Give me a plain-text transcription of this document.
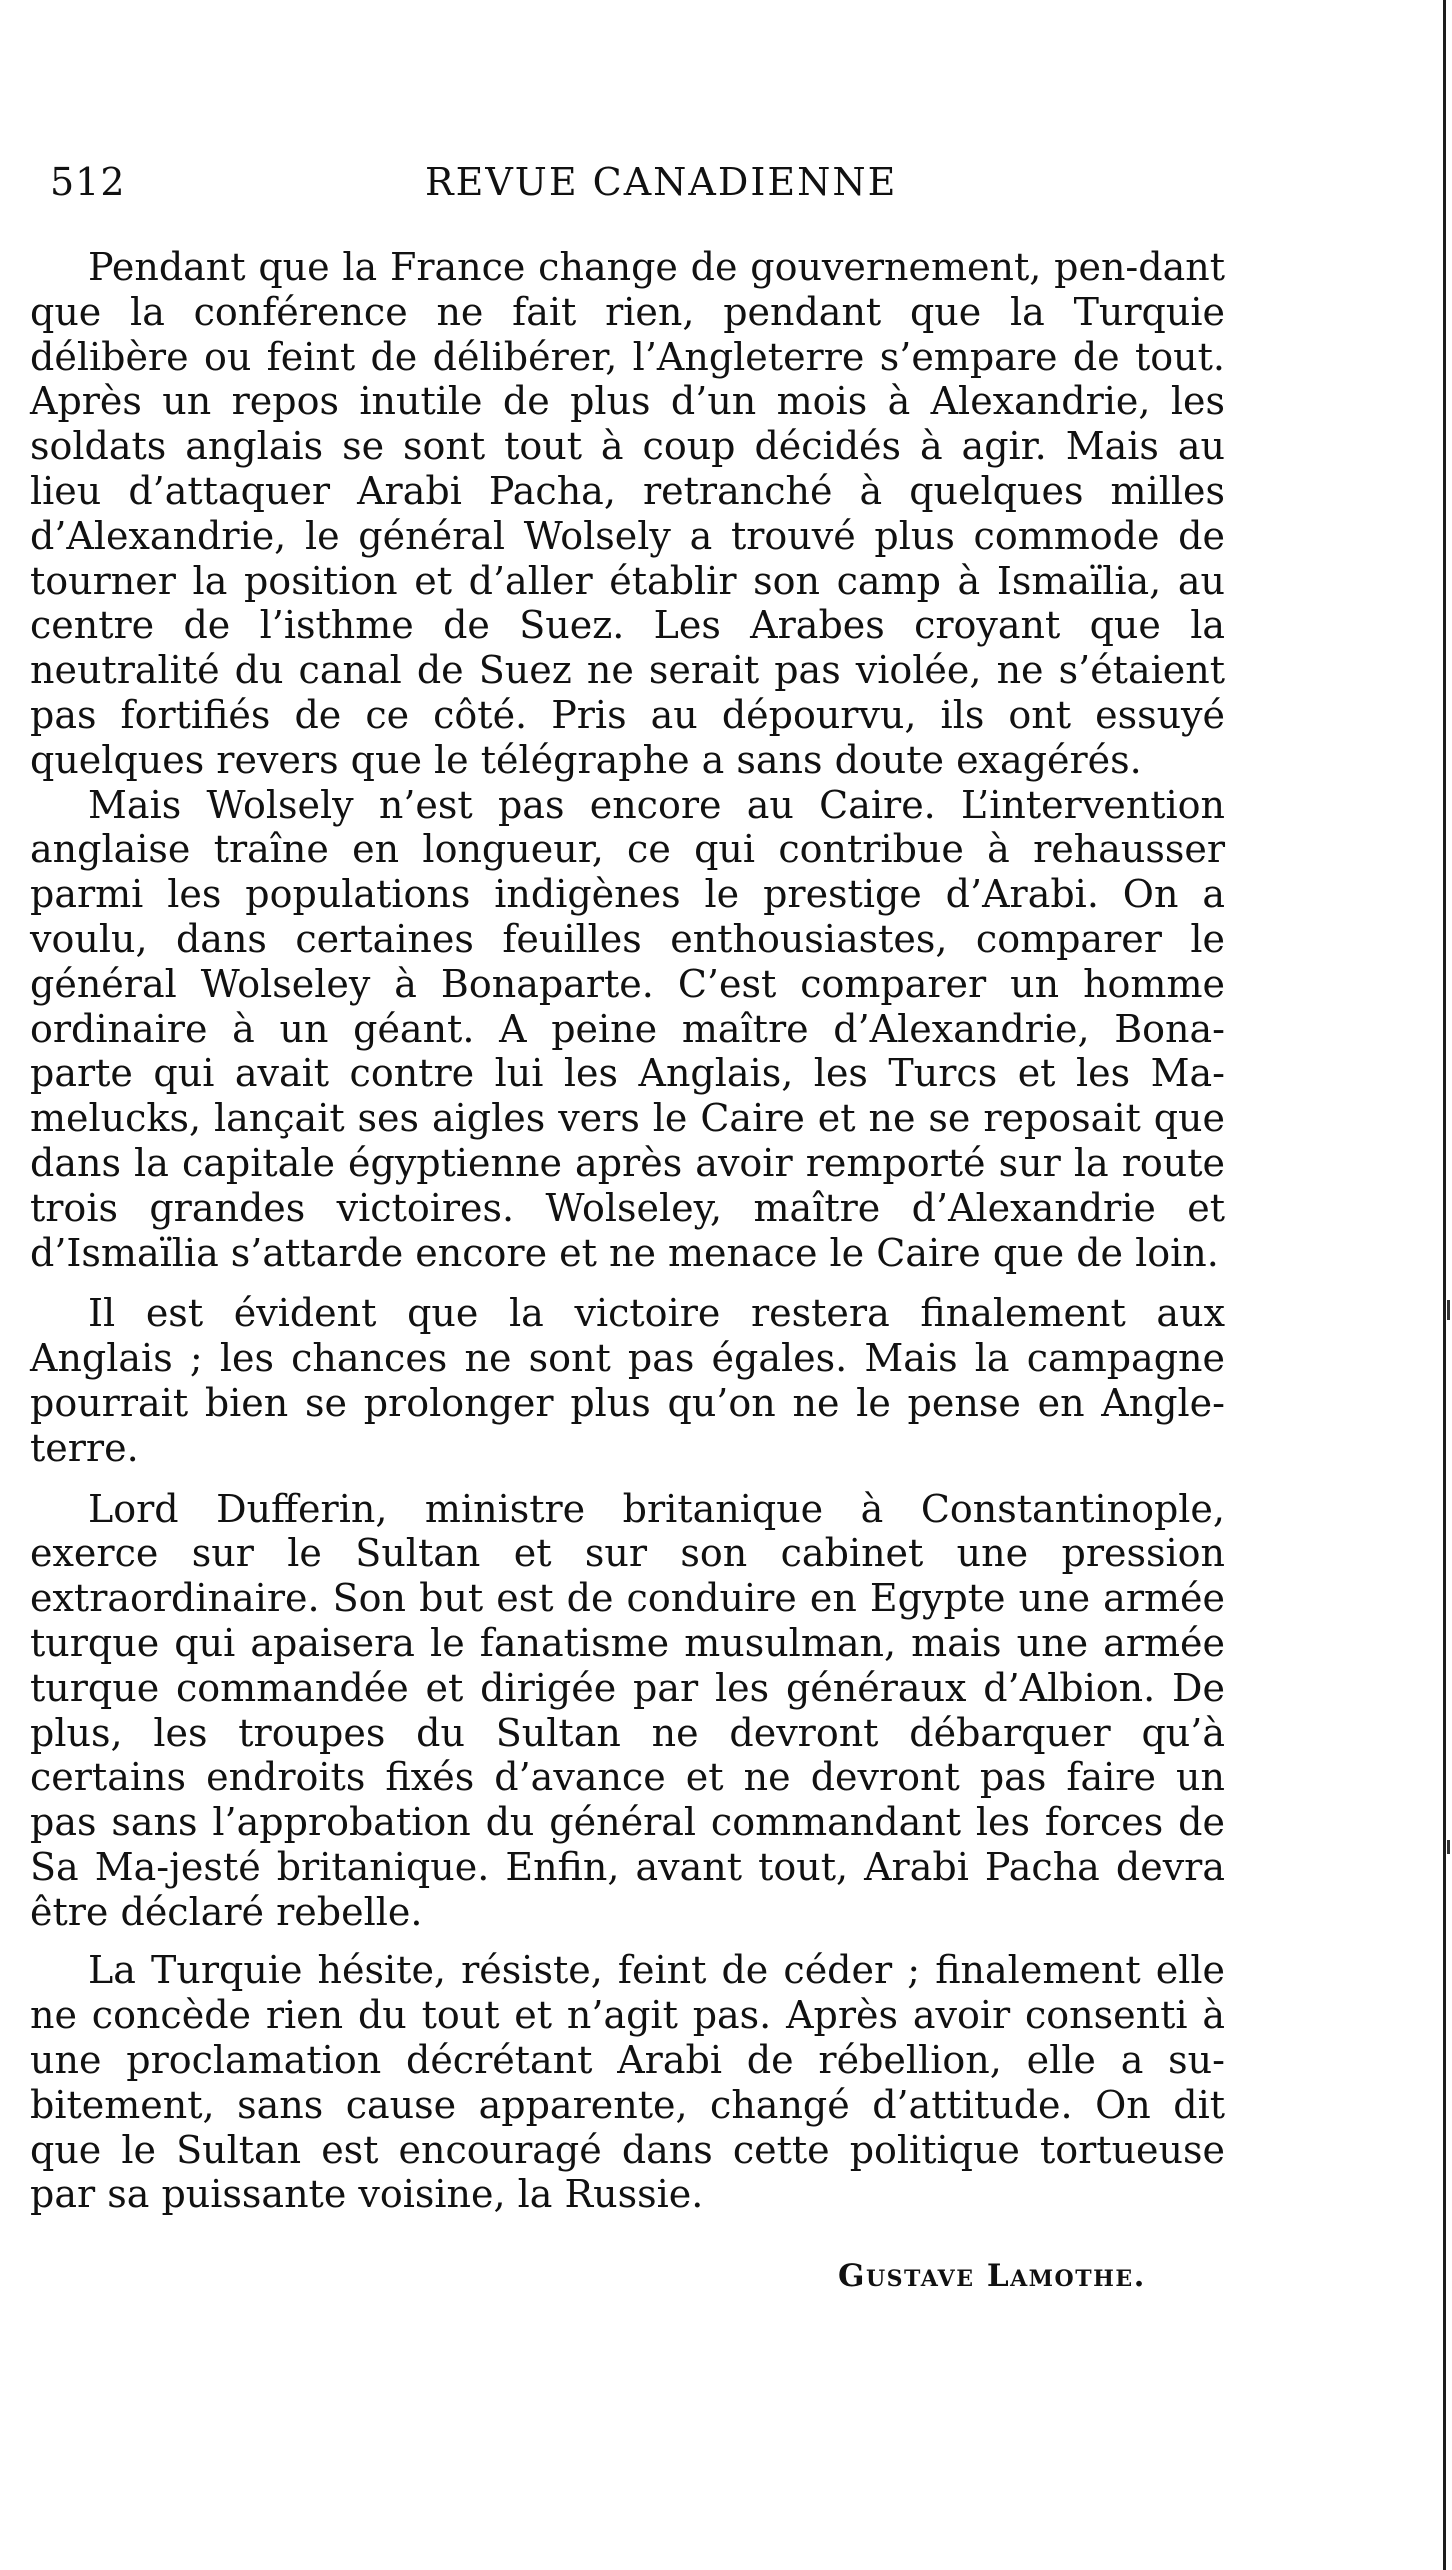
512	REVUE CANADIENNE

Pendant que la France change de gouvernement, pen-dant que la conférence ne fait rien, pendant que la Turquie délibère ou feint de délibérer, l’Angleterre s’empare de tout. Après un repos inutile de plus d’un mois à Alexandrie, les soldats anglais se sont tout à coup décidés à agir. Mais au lieu d’attaquer Arabi Pacha, retranché à quelques milles d’Alexandrie, le général Wolsely a trouvé plus commode de tourner la position et d’aller établir son camp à Ismaïlia, au centre de l’isthme de Suez. Les Arabes croyant que la neutralité du canal de Suez ne serait pas violée, ne s’étaient pas fortifiés de ce côté. Pris au dépourvu, ils ont essuyé quelques revers que le télégraphe a sans doute exagérés.

Mais Wolsely n’est pas encore au Caire. L’intervention anglaise traîne en longueur, ce qui contribue à rehausser parmi les populations indigènes le prestige d’Arabi. On a voulu, dans certaines feuilles enthousiastes, comparer le général Wolseley à Bonaparte. C’est comparer un homme ordinaire à un géant. A peine maître d’Alexandrie, Bona-parte qui avait contre lui les Anglais, les Turcs et les Ma-melucks, lançait ses aigles vers le Caire et ne se reposait que dans la capitale égyptienne après avoir remporté sur la route trois grandes victoires. Wolseley, maître d’Alexandrie et d’Ismaïlia s’attarde encore et ne menace le Caire que de loin.

Il est évident que la victoire restera finalement aux Anglais ; les chances ne sont pas égales. Mais la campagne pourrait bien se prolonger plus qu’on ne le pense en Angle-terre.

Lord Dufferin, ministre britanique à Constantinople, exerce sur le Sultan et sur son cabinet une pression extraordinaire. Son but est de conduire en Egypte une armée turque qui apaisera le fanatisme musulman, mais une armée turque commandée et dirigée par les généraux d’Albion. De plus, les troupes du Sultan ne devront débarquer qu’à certains endroits fixés d’avance et ne devront pas faire un pas sans l’approbation du général commandant les forces de Sa Ma-jesté britanique. Enfin, avant tout, Arabi Pacha devra être déclaré rebelle.

La Turquie hésite, résiste, feint de céder ; finalement elle ne concède rien du tout et n’agit pas. Après avoir consenti à une proclamation décrétant Arabi de rébellion, elle a su-bitement, sans cause apparente, changé d’attitude. On dit que le Sultan est encouragé dans cette politique tortueuse par sa puissante voisine, la Russie.

Gustave Lamothe.
